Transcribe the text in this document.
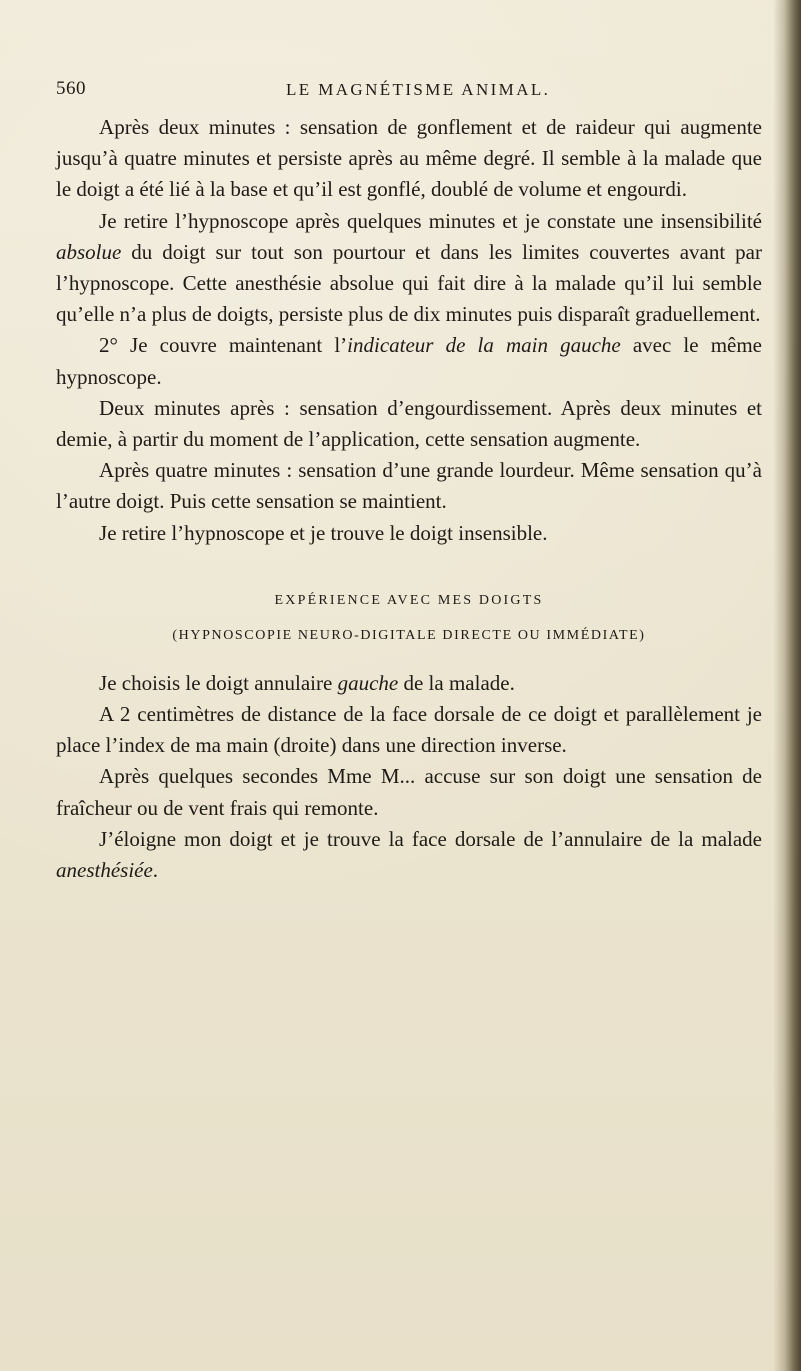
560	LE MAGNÉTISME ANIMAL.

Après deux minutes : sensation de gonflement et de raideur qui augmente jusqu’à quatre minutes et persiste après au même degré. Il semble à la malade que le doigt a été lié à la base et qu’il est gonflé, doublé de volume et engourdi.

Je retire l’hypnoscope après quelques minutes et je constate une insensibilité absolue du doigt sur tout son pourtour et dans les limites couvertes avant par l’hypnoscope. Cette anesthésie absolue qui fait dire à la malade qu’il lui semble qu’elle n’a plus de doigts, persiste plus de dix minutes puis disparaît graduellement.

2° Je couvre maintenant l’indicateur de la main gauche avec le même hypnoscope.

Deux minutes après : sensation d’engourdissement. Après deux minutes et demie, à partir du moment de l’application, cette sensation augmente.

Après quatre minutes : sensation d’une grande lourdeur. Même sensation qu’à l’autre doigt. Puis cette sensation se maintient.

Je retire l’hypnoscope et je trouve le doigt insensible.

EXPÉRIENCE AVEC MES DOIGTS

(HYPNOSCOPIE NEURO-DIGITALE DIRECTE OU IMMÉDIATE)

Je choisis le doigt annulaire gauche de la malade.

A 2 centimètres de distance de la face dorsale de ce doigt et parallèlement je place l’index de ma main (droite) dans une direction inverse.

Après quelques secondes Mme M... accuse sur son doigt une sensation de fraîcheur ou de vent frais qui remonte.

J’éloigne mon doigt et je trouve la face dorsale de l’annulaire de la malade anesthésiée.
